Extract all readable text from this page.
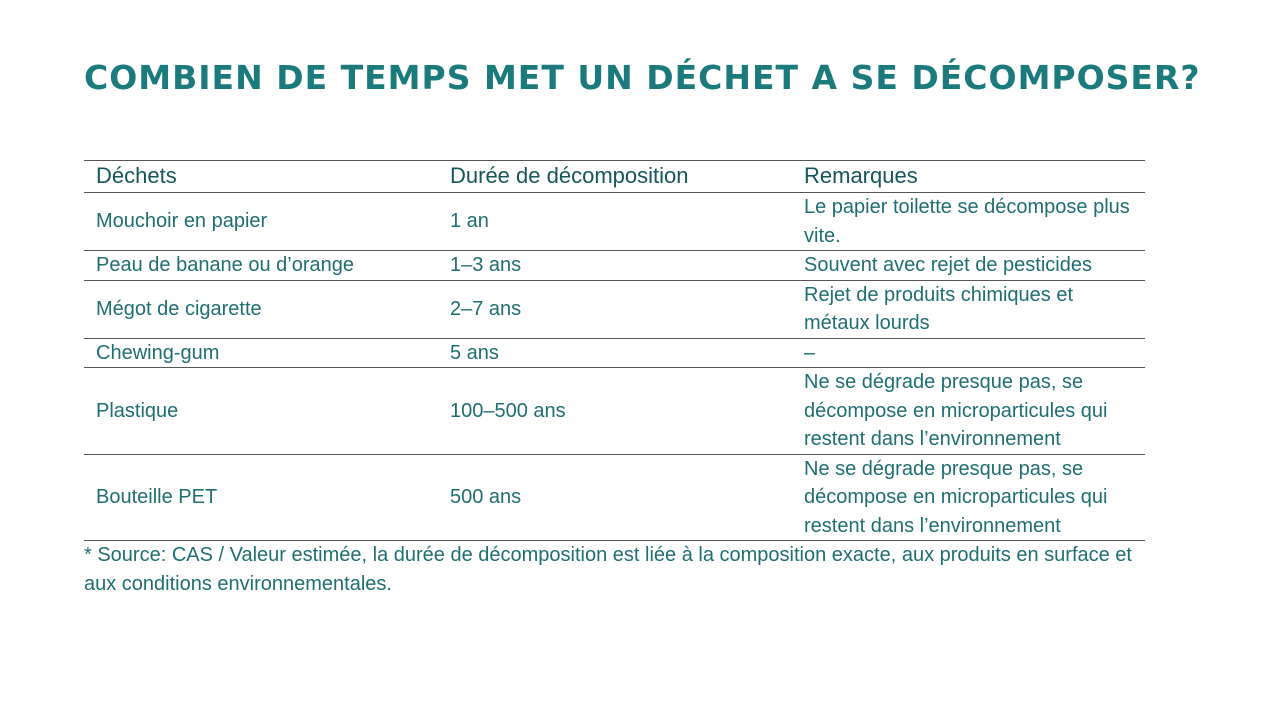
COMBIEN DE TEMPS MET UN DÉCHET A SE DÉCOMPOSER?
Déchets	Durée de décomposition	Remarques
Mouchoir en papier	1 an	Le papier toilette se décompose plus vite.
Peau de banane ou d’orange	1–3 ans	Souvent avec rejet de pesticides
Mégot de cigarette	2–7 ans	Rejet de produits chimiques et métaux lourds
Chewing-gum	5 ans	–
Plastique	100–500 ans	Ne se dégrade presque pas, se décompose en microparticules qui restent dans l’environnement
Bouteille PET	500 ans	Ne se dégrade presque pas, se décompose en microparticules qui restent dans l’environnement

* Source: CAS / Valeur estimée, la durée de décomposition est liée à la composition exacte, aux produits en surface et aux conditions environnementales.
